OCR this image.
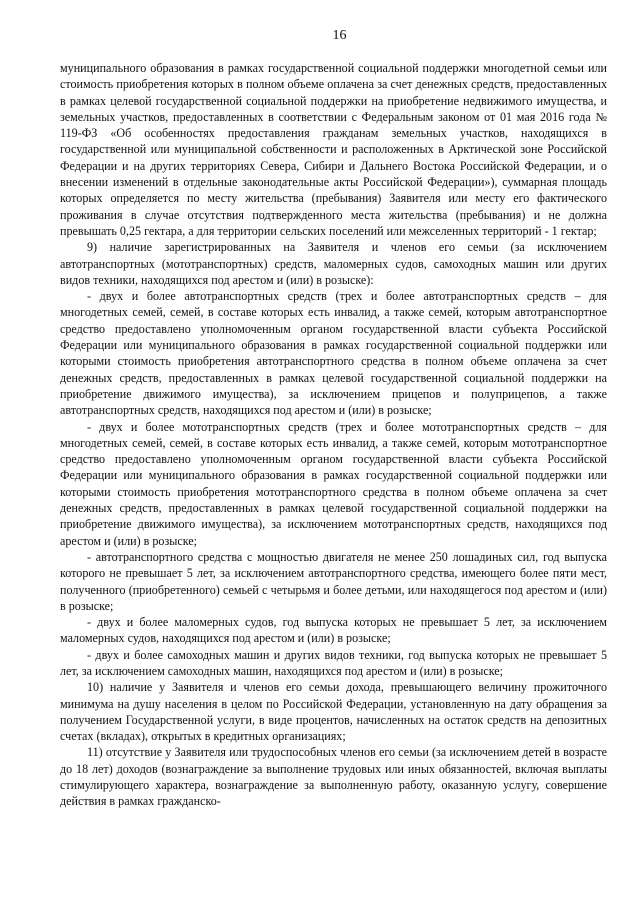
16

муниципального образования в рамках государственной социальной поддержки многодетной семьи или стоимость приобретения которых в полном объеме оплачена за счет денежных средств, предоставленных в рамках целевой государственной социальной поддержки на приобретение недвижимого имущества, и земельных участков, предоставленных в соответствии с Федеральным законом от 01 мая 2016 года № 119-ФЗ «Об особенностях предоставления гражданам земельных участков, находящихся в государственной или муниципальной собственности и расположенных в Арктической зоне Российской Федерации и на других территориях Севера, Сибири и Дальнего Востока Российской Федерации, и о внесении изменений в отдельные законодательные акты Российской Федерации»), суммарная площадь которых определяется по месту жительства (пребывания) Заявителя или месту его фактического проживания в случае отсутствия подтвержденного места жительства (пребывания) и не должна превышать 0,25 гектара, а для территории сельских поселений или межселенных территорий - 1 гектар;

9) наличие зарегистрированных на Заявителя и членов его семьи (за исключением автотранспортных (мототранспортных) средств, маломерных судов, самоходных машин или других видов техники, находящихся под арестом и (или) в розыске):

- двух и более автотранспортных средств (трех и более автотранспортных средств – для многодетных семей, семей, в составе которых есть инвалид, а также семей, которым автотранспортное средство предоставлено уполномоченным органом государственной власти субъекта Российской Федерации или муниципального образования в рамках государственной социальной поддержки или которыми стоимость приобретения автотранспортного средства в полном объеме оплачена за счет денежных средств, предоставленных в рамках целевой государственной социальной поддержки на приобретение движимого имущества), за исключением прицепов и полуприцепов, а также автотранспортных средств, находящихся под арестом и (или) в розыске;

- двух и более мототранспортных средств (трех и более мототранспортных средств – для многодетных семей, семей, в составе которых есть инвалид, а также семей, которым мототранспортное средство предоставлено уполномоченным органом государственной власти субъекта Российской Федерации или муниципального образования в рамках государственной социальной поддержки или которыми стоимость приобретения мототранспортного средства в полном объеме оплачена за счет денежных средств, предоставленных в рамках целевой государственной социальной поддержки на приобретение движимого имущества), за исключением мототранспортных средств, находящихся под арестом и (или) в розыске;

- автотранспортного средства с мощностью двигателя не менее 250 лошадиных сил, год выпуска которого не превышает 5 лет, за исключением автотранспортного средства, имеющего более пяти мест, полученного (приобретенного) семьей с четырьмя и более детьми, или находящегося под арестом и (или) в розыске;

- двух и более маломерных судов, год выпуска которых не превышает 5 лет, за исключением маломерных судов, находящихся под арестом и (или) в розыске;

- двух и более самоходных машин и других видов техники, год выпуска которых не превышает 5 лет, за исключением самоходных машин, находящихся под арестом и (или) в розыске;

10) наличие у Заявителя и членов его семьи дохода, превышающего величину прожиточного минимума на душу населения в целом по Российской Федерации, установленную на дату обращения за получением Государственной услуги, в виде процентов, начисленных на остаток средств на депозитных счетах (вкладах), открытых в кредитных организациях;

11) отсутствие у Заявителя или трудоспособных членов его семьи (за исключением детей в возрасте до 18 лет) доходов (вознаграждение за выполнение трудовых или иных обязанностей, включая выплаты стимулирующего характера, вознаграждение за выполненную работу, оказанную услугу, совершение действия в рамках гражданско-
